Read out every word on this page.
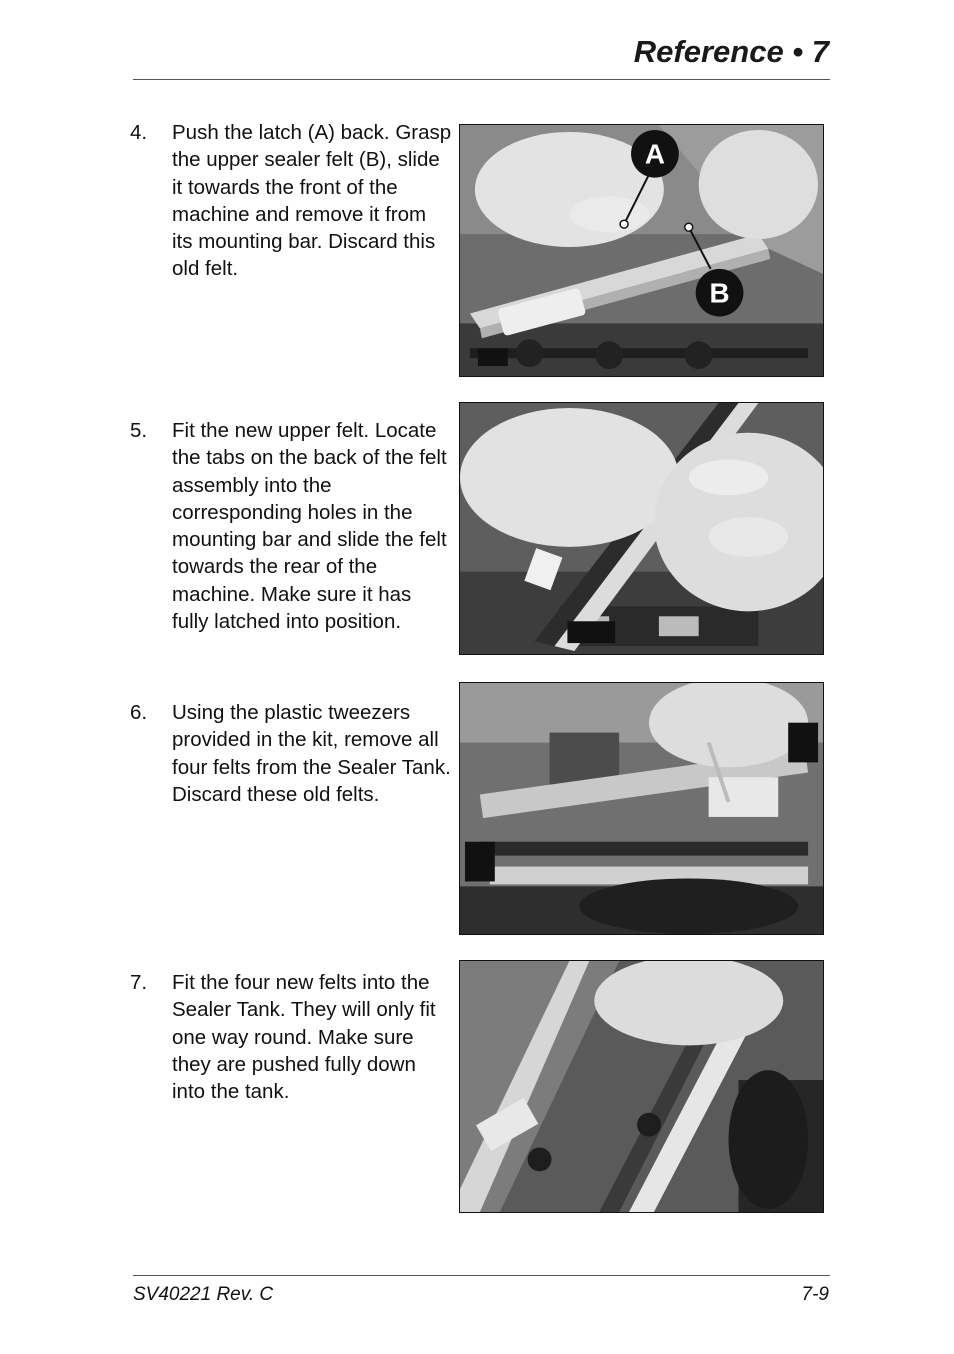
Reference • 7
4. Push the latch (A) back. Grasp the upper sealer felt (B), slide it towards the front of the machine and remove it from its mounting bar. Discard this old felt.
A
B
5. Fit the new upper felt. Locate the tabs on the back of the felt assembly into the corresponding holes in the mounting bar and slide the felt towards the rear of the machine. Make sure it has fully latched into position.
6. Using the plastic tweezers provided in the kit, remove all four felts from the Sealer Tank. Discard these old felts.
7. Fit the four new felts into the Sealer Tank. They will only fit one way round. Make sure they are pushed fully down into the tank.
SV40221 Rev. C	7-9
